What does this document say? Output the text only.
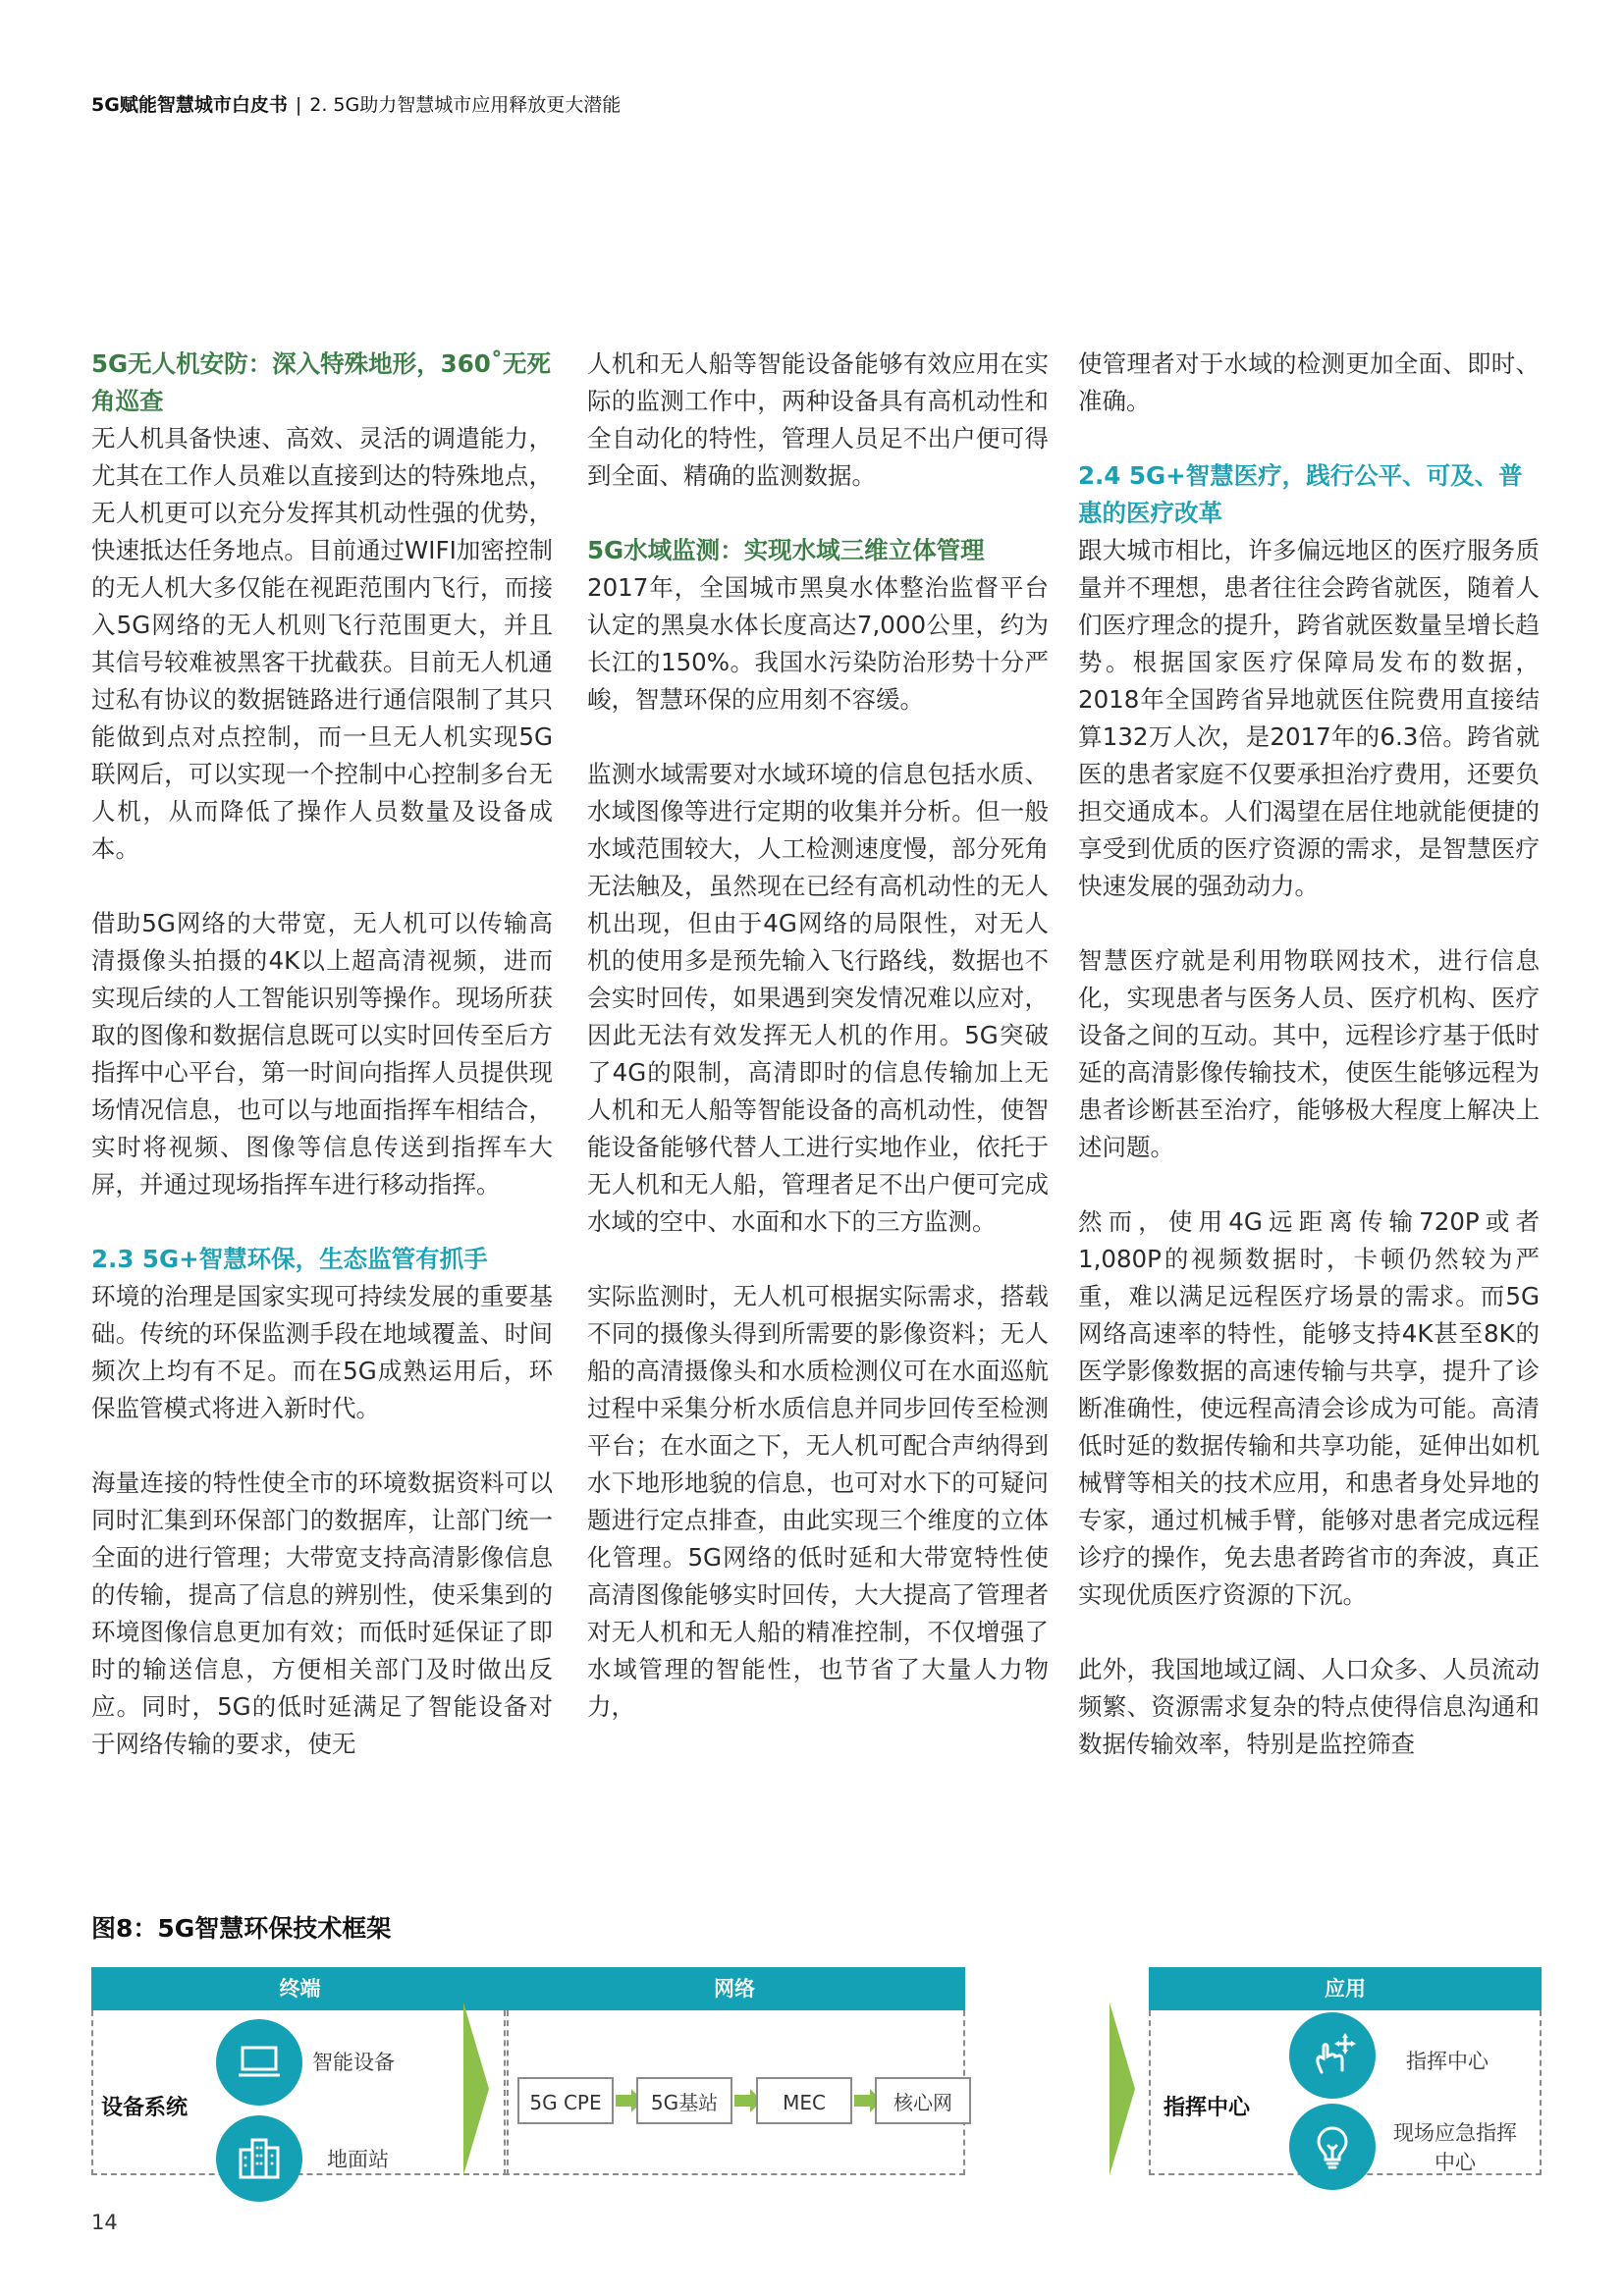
5G赋能智慧城市白皮书 | 2. 5G助力智慧城市应用释放更大潜能
5G无人机安防：深入特殊地形，360˚无死角巡查

无人机具备快速、高效、灵活的调遣能力，尤其在工作人员难以直接到达的特殊地点，无人机更可以充分发挥其机动性强的优势，快速抵达任务地点。目前通过WIFI加密控制的无人机大多仅能在视距范围内飞行，而接入5G网络的无人机则飞行范围更大，并且其信号较难被黑客干扰截获。目前无人机通过私有协议的数据链路进行通信限制了其只能做到点对点控制，而一旦无人机实现5G联网后，可以实现一个控制中心控制多台无人机，从而降低了操作人员数量及设备成本。

借助5G网络的大带宽，无人机可以传输高清摄像头拍摄的4K以上超高清视频，进而实现后续的人工智能识别等操作。现场所获取的图像和数据信息既可以实时回传至后方指挥中心平台，第一时间向指挥人员提供现场情况信息，也可以与地面指挥车相结合，实时将视频、图像等信息传送到指挥车大屏，并通过现场指挥车进行移动指挥。

2.3 5G+智慧环保，生态监管有抓手

环境的治理是国家实现可持续发展的重要基础。传统的环保监测手段在地域覆盖、时间频次上均有不足。而在5G成熟运用后，环保监管模式将进入新时代。

海量连接的特性使全市的环境数据资料可以同时汇集到环保部门的数据库，让部门统一全面的进行管理；大带宽支持高清影像信息的传输，提高了信息的辨别性，使采集到的环境图像信息更加有效；而低时延保证了即时的输送信息，方便相关部门及时做出反应。同时，5G的低时延满足了智能设备对于网络传输的要求，使无

人机和无人船等智能设备能够有效应用在实际的监测工作中，两种设备具有高机动性和全自动化的特性，管理人员足不出户便可得到全面、精确的监测数据。

5G水域监测：实现水域三维立体管理

2017年，全国城市黑臭水体整治监督平台认定的黑臭水体长度高达7,000公里，约为长江的150%。我国水污染防治形势十分严峻，智慧环保的应用刻不容缓。

监测水域需要对水域环境的信息包括水质、水域图像等进行定期的收集并分析。但一般水域范围较大，人工检测速度慢，部分死角无法触及，虽然现在已经有高机动性的无人机出现，但由于4G网络的局限性，对无人机的使用多是预先输入飞行路线，数据也不会实时回传，如果遇到突发情况难以应对，因此无法有效发挥无人机的作用。5G突破了4G的限制，高清即时的信息传输加上无人机和无人船等智能设备的高机动性，使智能设备能够代替人工进行实地作业，依托于无人机和无人船，管理者足不出户便可完成水域的空中、水面和水下的三方监测。

实际监测时，无人机可根据实际需求，搭载不同的摄像头得到所需要的影像资料；无人船的高清摄像头和水质检测仪可在水面巡航过程中采集分析水质信息并同步回传至检测平台；在水面之下，无人机可配合声纳得到水下地形地貌的信息，也可对水下的可疑问题进行定点排查，由此实现三个维度的立体化管理。5G网络的低时延和大带宽特性使高清图像能够实时回传，大大提高了管理者对无人机和无人船的精准控制，不仅增强了水域管理的智能性，也节省了大量人力物力，

使管理者对于水域的检测更加全面、即时、准确。

2.4 5G+智慧医疗，践行公平、可及、普惠的医疗改革

跟大城市相比，许多偏远地区的医疗服务质量并不理想，患者往往会跨省就医，随着人们医疗理念的提升，跨省就医数量呈增长趋势。根据国家医疗保障局发布的数据，2018年全国跨省异地就医住院费用直接结算132万人次，是2017年的6.3倍。跨省就医的患者家庭不仅要承担治疗费用，还要负担交通成本。人们渴望在居住地就能便捷的享受到优质的医疗资源的需求，是智慧医疗快速发展的强劲动力。

智慧医疗就是利用物联网技术，进行信息化，实现患者与医务人员、医疗机构、医疗设备之间的互动。其中，远程诊疗基于低时延的高清影像传输技术，使医生能够远程为患者诊断甚至治疗，能够极大程度上解决上述问题。

然而，使用4G远距离传输720P或者1,080P的视频数据时，卡顿仍然较为严重，难以满足远程医疗场景的需求。而5G网络高速率的特性，能够支持4K甚至8K的医学影像数据的高速传输与共享，提升了诊断准确性，使远程高清会诊成为可能。高清低时延的数据传输和共享功能，延伸出如机械臂等相关的技术应用，和患者身处异地的专家，通过机械手臂，能够对患者完成远程诊疗的操作，免去患者跨省市的奔波，真正实现优质医疗资源的下沉。

此外，我国地域辽阔、人口众多、人员流动频繁、资源需求复杂的特点使得信息沟通和数据传输效率，特别是监控筛查

图8：5G智慧环保技术框架
终端
设备系统
智能设备
地面站
网络
5G CPE	5G基站	MEC	核心网
应用
指挥中心
指挥中心
现场应急指挥中心
14
